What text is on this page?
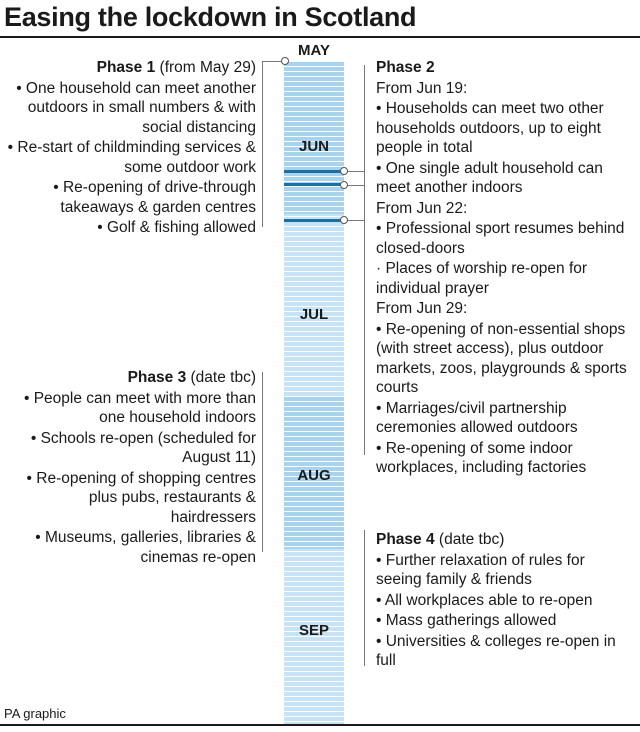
Easing the lockdown in Scotland
MAY
JUN
JUL
AUG
SEP
Phase 1 (from May 29)
• One household can meet another outdoors in small numbers & with social distancing
• Re-start of childminding services & some outdoor work
• Re-opening of drive-through takeaways & garden centres
• Golf & fishing allowed
Phase 2
From Jun 19:
• Households can meet two other households outdoors, up to eight people in total
• One single adult household can meet another indoors
From Jun 22:
• Professional sport resumes behind closed-doors
· Places of worship re-open for individual prayer
From Jun 29:
• Re-opening of non-essential shops (with street access), plus outdoor markets, zoos, playgrounds & sports courts
• Marriages/civil partnership ceremonies allowed outdoors
• Re-opening of some indoor workplaces, including factories
Phase 3 (date tbc)
• People can meet with more than one household indoors
• Schools re-open (scheduled for August 11)
• Re-opening of shopping centres plus pubs, restaurants & hairdressers
• Museums, galleries, libraries & cinemas re-open
Phase 4 (date tbc)
• Further relaxation of rules for seeing family & friends
• All workplaces able to re-open
• Mass gatherings allowed
• Universities & colleges re-open in full
PA graphic
